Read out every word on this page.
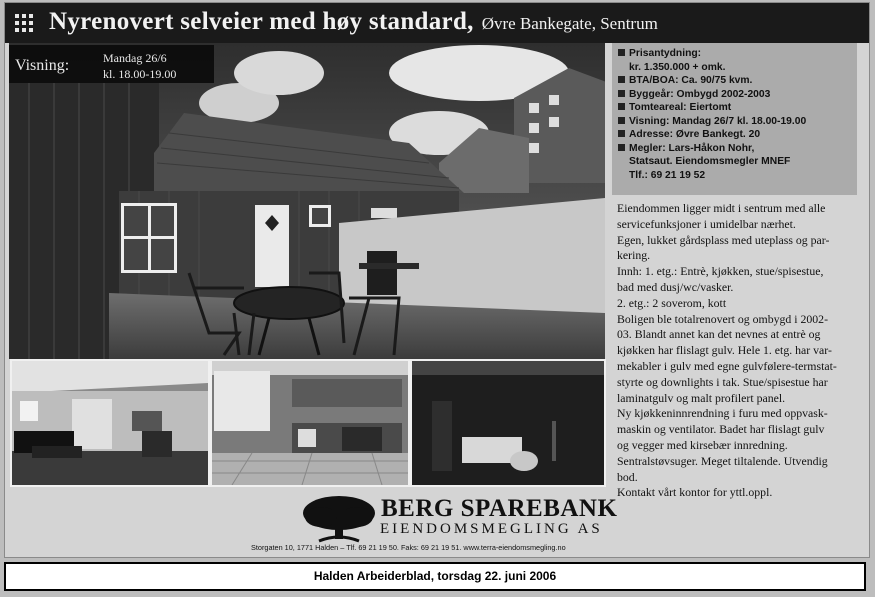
Nyrenovert selveier med høy standard, Øvre Bankegate, Sentrum
Visning:	Mandag 26/6
kl. 18.00-19.00
Prisantydning:
kr. 1.350.000 + omk.
BTA/BOA: Ca. 90/75 kvm.
Byggeår: Ombygd 2002-2003
Tomteareal: Eiertomt
Visning: Mandag 26/7 kl. 18.00-19.00
Adresse: Øvre Bankegt. 20
Megler: Lars-Håkon Nohr,
Statsaut. Eiendomsmegler MNEF
Tlf.: 69 21 19 52

Eiendommen ligger midt i sentrum med alle

servicefunksjoner i umidelbar nærhet.

Egen, lukket gårdsplass med uteplass og par-

kering.

Innh: 1. etg.: Entrè, kjøkken, stue/spisestue,

bad med dusj/wc/vasker.

2. etg.: 2 soverom, kott

Boligen ble totalrenovert og ombygd i 2002-

03. Blandt annet kan det nevnes at entrè og

kjøkken har flislagt gulv. Hele 1. etg. har var-

mekabler i gulv med egne gulvfølere-termstat-

styrte og downlights i tak. Stue/spisestue har

laminatgulv og malt profilert panel.

Ny kjøkkeninnrendning i furu med oppvask-

maskin og ventilator. Badet har flislagt gulv

og vegger med kirsebær innredning.

Sentralstøvsuger. Meget tiltalende. Utvendig

bod.

Kontakt vårt kontor for yttl.oppl.

BERG SPAREBANK
EIENDOMSMEGLING AS
Storgaten 10, 1771 Halden – Tlf. 69 21 19 50. Faks: 69 21 19 51. www.terra-eiendomsmegling.no
Halden Arbeiderblad, torsdag 22. juni 2006
